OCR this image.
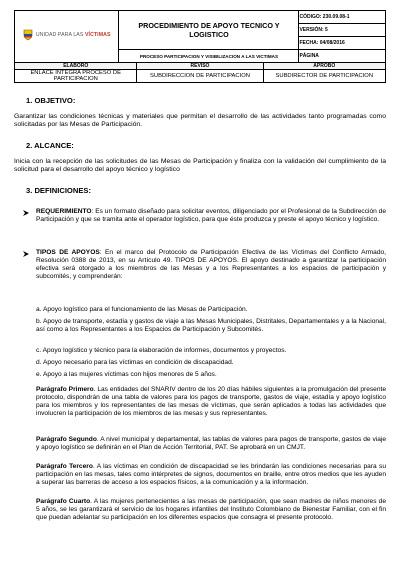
UNIDAD PARA LAS VÍCTIMAS	PROCEDIMIENTO DE APOYO TECNICO Y LOGISTICO	CÓDIGO: 230.09.08-1
		VERSIÓN: 5
		FECHA: 04/08/2016
	PROCESO PARTICIPACION Y VISIBILIZACION A LAS VICTIMAS	PÁGINA
ELABORÓ	REVISÓ	APROBÓ
ENLACE INTEGRA PROCESO DE PARTICIPACION	SUBDIRECCION DE PARTICIPACION	SUBDIRECTOR DE PARTICIPACION
1. OBJETIVO:
Garantizar las condiciones técnicas y materiales que permitan el desarrollo de las actividades tanto programadas como solicitadas por las Mesas de Participación.
2. ALCANCE:
Inicia con la recepción de las solicitudes de las Mesas de Participación y finaliza con la validación del cumplimiento de la solicitud para el desarrollo del apoyo técnico y logístico
3. DEFINICIONES:
REQUERIMIENTO: Es un formato diseñado para solicitar eventos, diligenciado por el Profesional de la Subdirección de Participación y que se tramita ante el operador logístico, para que éste produzca y preste el apoyo técnico y logístico.
TIPOS DE APOYOS: En el marco del Protocolo de Participación Efectiva de las Víctimas del Conflicto Armado, Resolución 0388 de 2013, en su Artículo 49. TIPOS DE APOYOS. El apoyo destinado a garantizar la participación efectiva será otorgado a los miembros de las Mesas y a los Representantes a los espacios de participación y subcomités, y comprenderán:
a. Apoyo logístico para el funcionamiento de las Mesas de Participación.
b. Apoyo de transporte, estadía y gastos de viaje a las Mesas Municipales, Distritales, Departamentales y a la Nacional, así como a los Representantes a los Espacios de Participación y Subcomités.
c. Apoyo logístico y técnico para la elaboración de informes, documentos y proyectos.
d. Apoyo necesario para las víctimas en condición de discapacidad.
e. Apoyo a las mujeres víctimas con hijos menores de 5 años.
Parágrafo Primero. Las entidades del SNARIV dentro de los 20 días hábiles siguientes a la promulgación del presente protocolo, dispondrán de una tabla de valores para los pagos de transporte, gastos de viaje, estadía y apoyo logístico para los miembros y los representantes de las mesas de víctimas, que serán aplicados a todas las actividades que involucren la participación de los miembros de las mesas y sus representantes.
Parágrafo Segundo. A nivel municipal y departamental, las tablas de valores para pagos de transporte, gastos de viaje y apoyo logístico se definirán en el Plan de Acción Territorial, PAT. Se aprobará en un CMJT.
Parágrafo Tercero. A las víctimas en condición de discapacidad se les brindarán las condiciones necesarias para su participación en las mesas, tales como intérpretes de signos, documentos en braille, entre otros medios que les ayuden a superar las barreras de acceso a los espacios físicos, a la comunicación y a la información.
Parágrafo Cuarto. A las mujeres pertenecientes a las mesas de participación, que sean madres de niños menores de 5 años, se les garantizará el servicio de los hogares infantiles del Instituto Colombiano de Bienestar Familiar, con el fin que puedan adelantar su participación en los diferentes espacios que consagra el presente protocolo.
